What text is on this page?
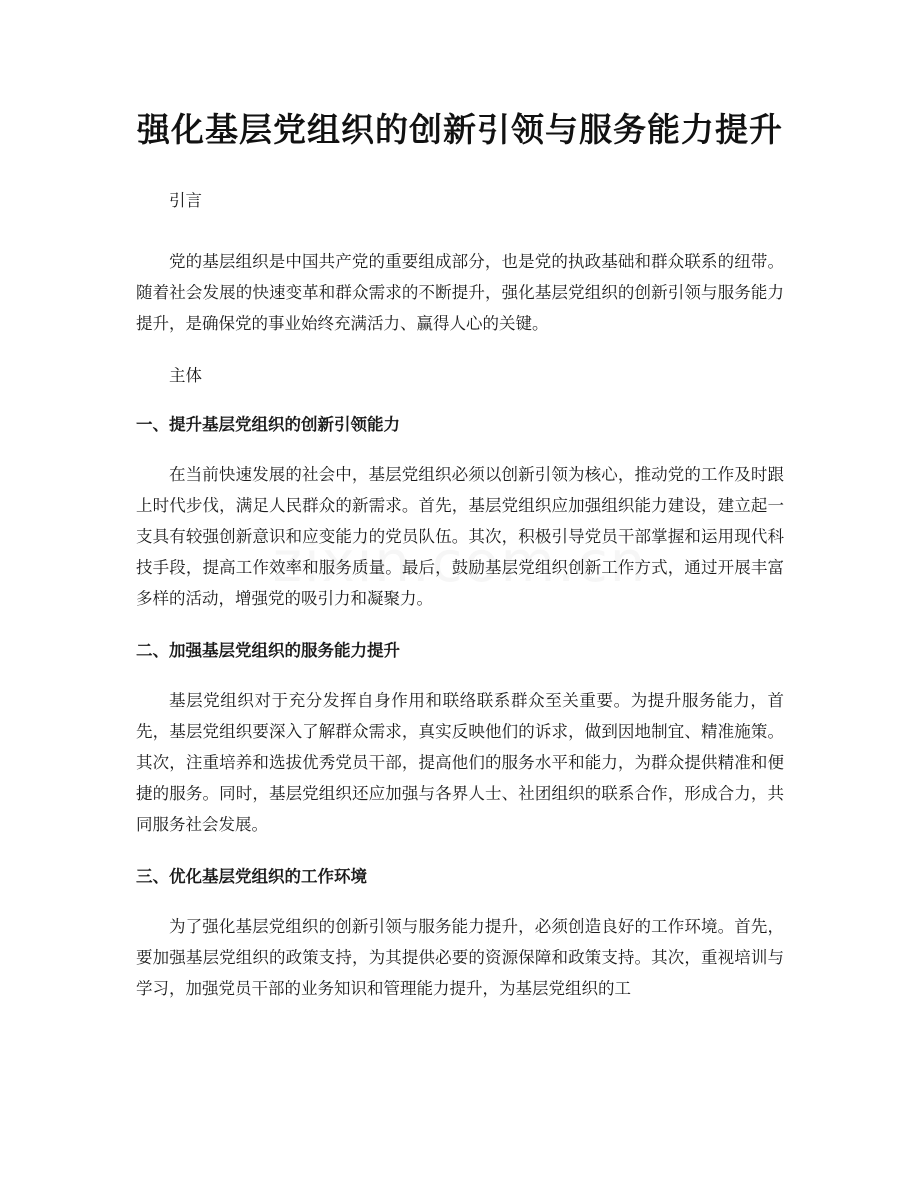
强化基层党组织的创新引领与服务能力提升

引言

党的基层组织是中国共产党的重要组成部分，也是党的执政基础和群众联系的纽带。随着社会发展的快速变革和群众需求的不断提升，强化基层党组织的创新引领与服务能力提升，是确保党的事业始终充满活力、赢得人心的关键。

主体

一、提升基层党组织的创新引领能力

在当前快速发展的社会中，基层党组织必须以创新引领为核心，推动党的工作及时跟上时代步伐，满足人民群众的新需求。首先，基层党组织应加强组织能力建设，建立起一支具有较强创新意识和应变能力的党员队伍。其次，积极引导党员干部掌握和运用现代科技手段，提高工作效率和服务质量。最后，鼓励基层党组织创新工作方式，通过开展丰富多样的活动，增强党的吸引力和凝聚力。

二、加强基层党组织的服务能力提升

基层党组织对于充分发挥自身作用和联络联系群众至关重要。为提升服务能力，首先，基层党组织要深入了解群众需求，真实反映他们的诉求，做到因地制宜、精准施策。其次，注重培养和选拔优秀党员干部，提高他们的服务水平和能力，为群众提供精准和便捷的服务。同时，基层党组织还应加强与各界人士、社团组织的联系合作，形成合力，共同服务社会发展。

三、优化基层党组织的工作环境

为了强化基层党组织的创新引领与服务能力提升，必须创造良好的工作环境。首先，要加强基层党组织的政策支持，为其提供必要的资源保障和政策支持。其次，重视培训与学习，加强党员干部的业务知识和管理能力提升，为基层党组织的工
